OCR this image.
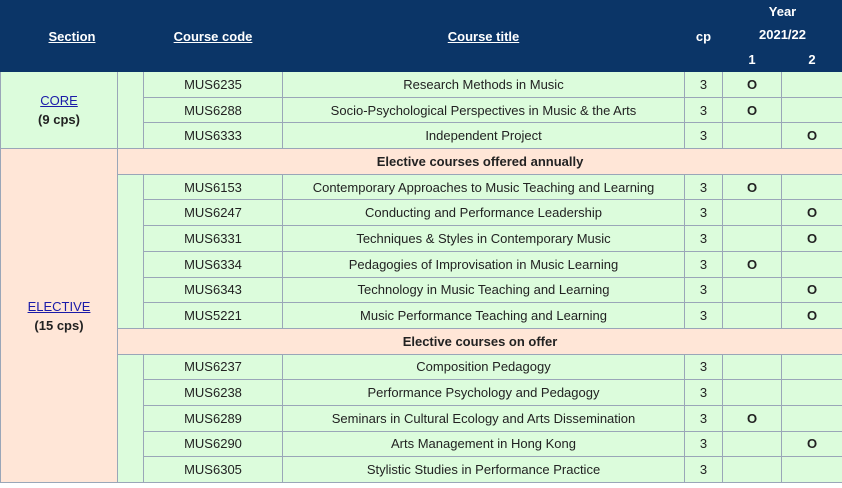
Section		Course code	Course title	cp	Year	
					2021/22	
					1	2
CORE
(9 cps)		MUS6235	Research Methods in Music	3	O	
		MUS6288	Socio-Psychological Perspectives in Music & the Arts	3	O	
		MUS6333	Independent Project	3		O
ELECTIVE
(15 cps)	Elective courses offered annually					
		MUS6153	Contemporary Approaches to Music Teaching and Learning	3	O	
		MUS6247	Conducting and Performance Leadership	3		O
		MUS6331	Techniques & Styles in Contemporary Music	3		O
		MUS6334	Pedagogies of Improvisation in Music Learning	3	O	
		MUS6343	Technology in Music Teaching and Learning	3		O
		MUS5221	Music Performance Teaching and Learning	3		O
	Elective courses on offer					
		MUS6237	Composition Pedagogy	3		
		MUS6238	Performance Psychology and Pedagogy	3		
		MUS6289	Seminars in Cultural Ecology and Arts Dissemination	3	O	
		MUS6290	Arts Management in Hong Kong	3		O
		MUS6305	Stylistic Studies in Performance Practice	3		
